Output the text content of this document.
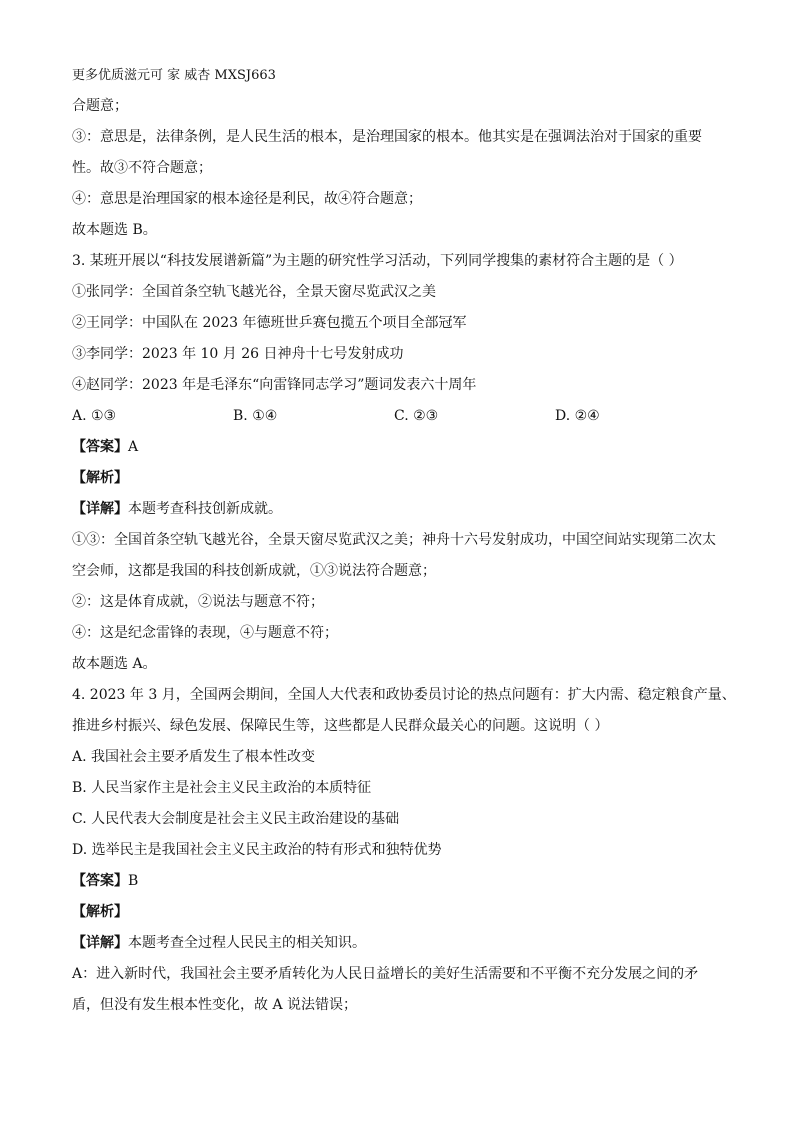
更多优质滋元可 家 威杏 MXSJ663
合题意；
③：意思是，法律条例，是人民生活的根本，是治理国家的根本。他其实是在强调法治对于国家的重要
性。故③不符合题意；
④：意思是治理国家的根本途径是利民，故④符合题意；
故本题选 B。
3. 某班开展以“科技发展谱新篇”为主题的研究性学习活动，下列同学搜集的素材符合主题的是（ ）
①张同学：全国首条空轨飞越光谷，全景天窗尽览武汉之美
②王同学：中国队在 2023 年德班世乒赛包揽五个项目全部冠军
③李同学：2023 年 10 月 26 日神舟十七号发射成功
④赵同学：2023 年是毛泽东“向雷锋同志学习”题词发表六十周年
A. ①③	B. ①④	C. ②③	D. ②④
【答案】A
【解析】
【详解】本题考查科技创新成就。
①③：全国首条空轨飞越光谷，全景天窗尽览武汉之美；神舟十六号发射成功，中国空间站实现第二次太
空会师，这都是我国的科技创新成就，①③说法符合题意；
②：这是体育成就，②说法与题意不符；
④：这是纪念雷锋的表现，④与题意不符；
故本题选 A。
4. 2023 年 3 月，全国两会期间，全国人大代表和政协委员讨论的热点问题有：扩大内需、稳定粮食产量、
推进乡村振兴、绿色发展、保障民生等，这些都是人民群众最关心的问题。这说明（ ）
A. 我国社会主要矛盾发生了根本性改变
B. 人民当家作主是社会主义民主政治的本质特征
C. 人民代表大会制度是社会主义民主政治建设的基础
D. 选举民主是我国社会主义民主政治的特有形式和独特优势
【答案】B
【解析】
【详解】本题考查全过程人民民主的相关知识。
A：进入新时代，我国社会主要矛盾转化为人民日益增长的美好生活需要和不平衡不充分发展之间的矛
盾，但没有发生根本性变化，故 A 说法错误；
